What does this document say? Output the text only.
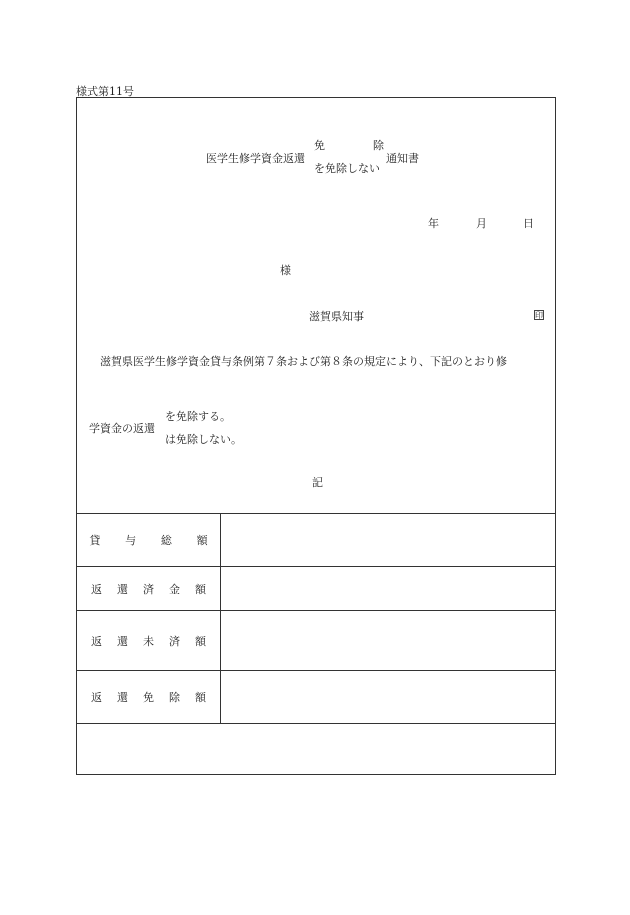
様式第11号
医学生修学資金返還
免	除
を免除しない
通知書
年	月	日
様
滋賀県知事	印
滋賀県医学生修学資金貸与条例第７条および第８条の規定により、下記のとおり修
学資金の返還
を免除する。
は免除しない。
記
貸	与	総	額
返	還	済	金	額
返	還	未	済	額
返	還	免	除	額
